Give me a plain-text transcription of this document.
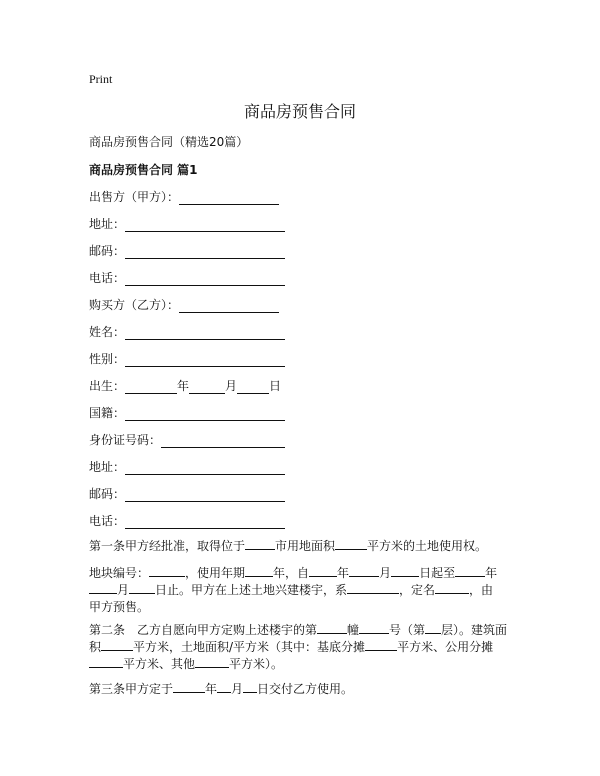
Print
商品房预售合同
商品房预售合同（精选20篇）
商品房预售合同 篇1
出售方（甲方）：
地址：
邮码：
电话：
购买方（乙方）：
姓名：
性别：
出生：	年	月	日
国籍：
身份证号码：
地址：
邮码：
电话：
第一条甲方经批准，取得位于	市用地面积	平方米的土地使用权。
地块编号：	，使用年期 年，自 年	月 日起至	年月 日止。甲方在上述土地兴建楼宇，系	，定名	，由
甲方预售。
第二条　乙方自愿向甲方定购上述楼宇的第	幢	号（第 层）。建筑面
积	平方米，土地面积/平方米（其中：基底分摊	平方米、公用分摊
平方米、其他	平方米）。
第三条甲方定于	年 月 日交付乙方使用。
